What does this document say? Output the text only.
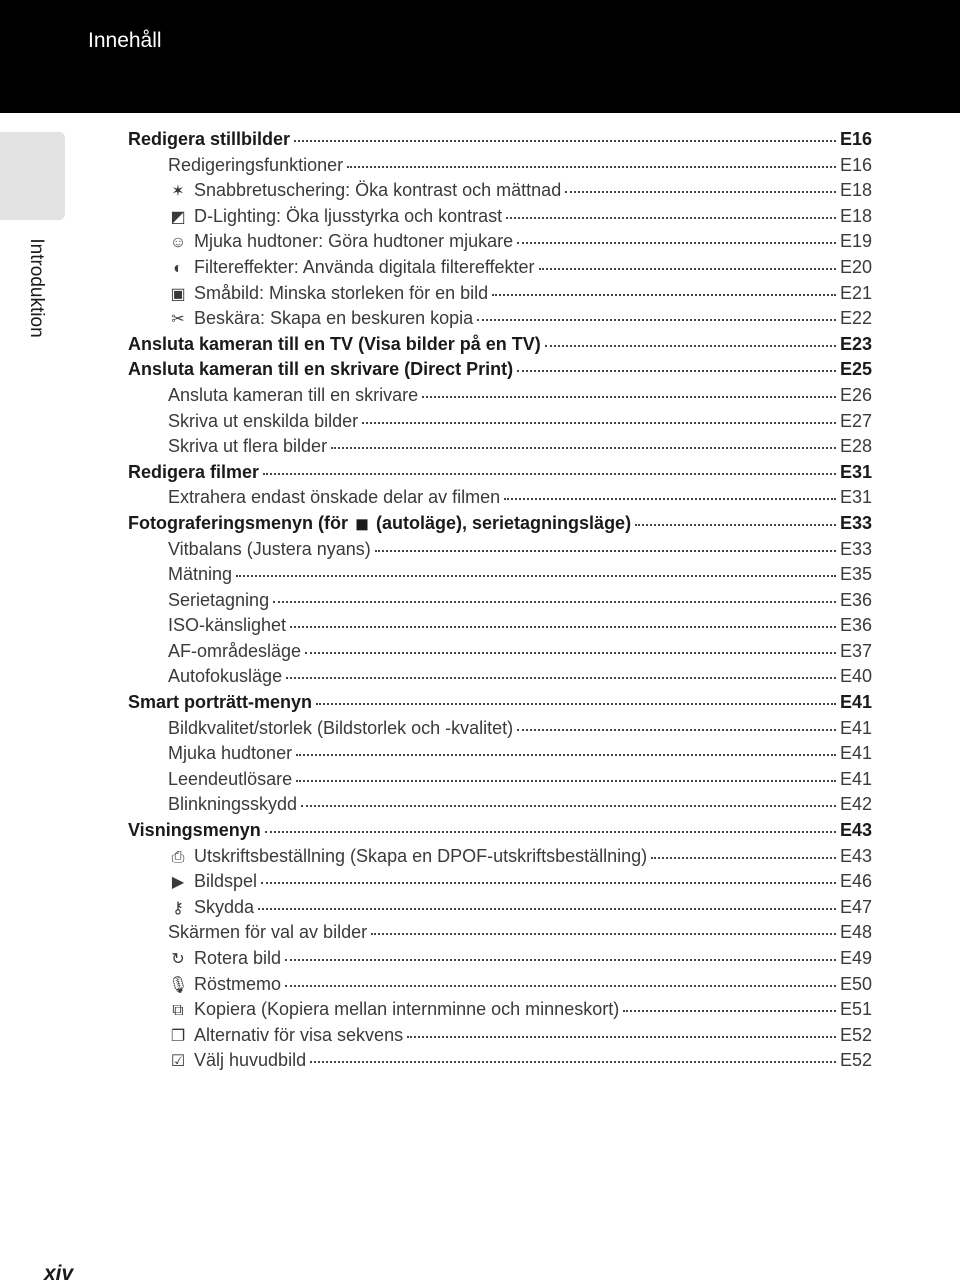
Innehåll
Introduktion
Redigera stillbilder	E16
Redigeringsfunktioner	E16
✶ Snabbretuschering: Öka kontrast och mättnad	E18
◩ D-Lighting: Öka ljusstyrka och kontrast	E18
☺ Mjuka hudtoner: Göra hudtoner mjukare	E19
◐ Filtereffekter: Använda digitala filtereffekter	E20
▣ Småbild: Minska storleken för en bild	E21
✂ Beskära: Skapa en beskuren kopia	E22
Ansluta kameran till en TV (Visa bilder på en TV)	E23
Ansluta kameran till en skrivare (Direct Print)	E25
Ansluta kameran till en skrivare	E26
Skriva ut enskilda bilder	E27
Skriva ut flera bilder	E28
Redigera filmer	E31
Extrahera endast önskade delar av filmen	E31
Fotograferingsmenyn (för ◼ (autoläge), serietagningsläge)	E33
Vitbalans (Justera nyans)	E33
Mätning	E35
Serietagning	E36
ISO-känslighet	E36
AF-områdesläge	E37
Autofokusläge	E40
Smart porträtt-menyn	E41
Bildkvalitet/storlek (Bildstorlek och -kvalitet)	E41
Mjuka hudtoner	E41
Leendeutlösare	E41
Blinkningsskydd	E42
Visningsmenyn	E43
⎙ Utskriftsbeställning (Skapa en DPOF-utskriftsbeställning)	E43
▶ Bildspel	E46
⚷ Skydda	E47
Skärmen för val av bilder	E48
↻ Rotera bild	E49
🎙 Röstmemo	E50
⧉ Kopiera (Kopiera mellan internminne och minneskort)	E51
❐ Alternativ för visa sekvens	E52
☑ Välj huvudbild	E52
xiv
